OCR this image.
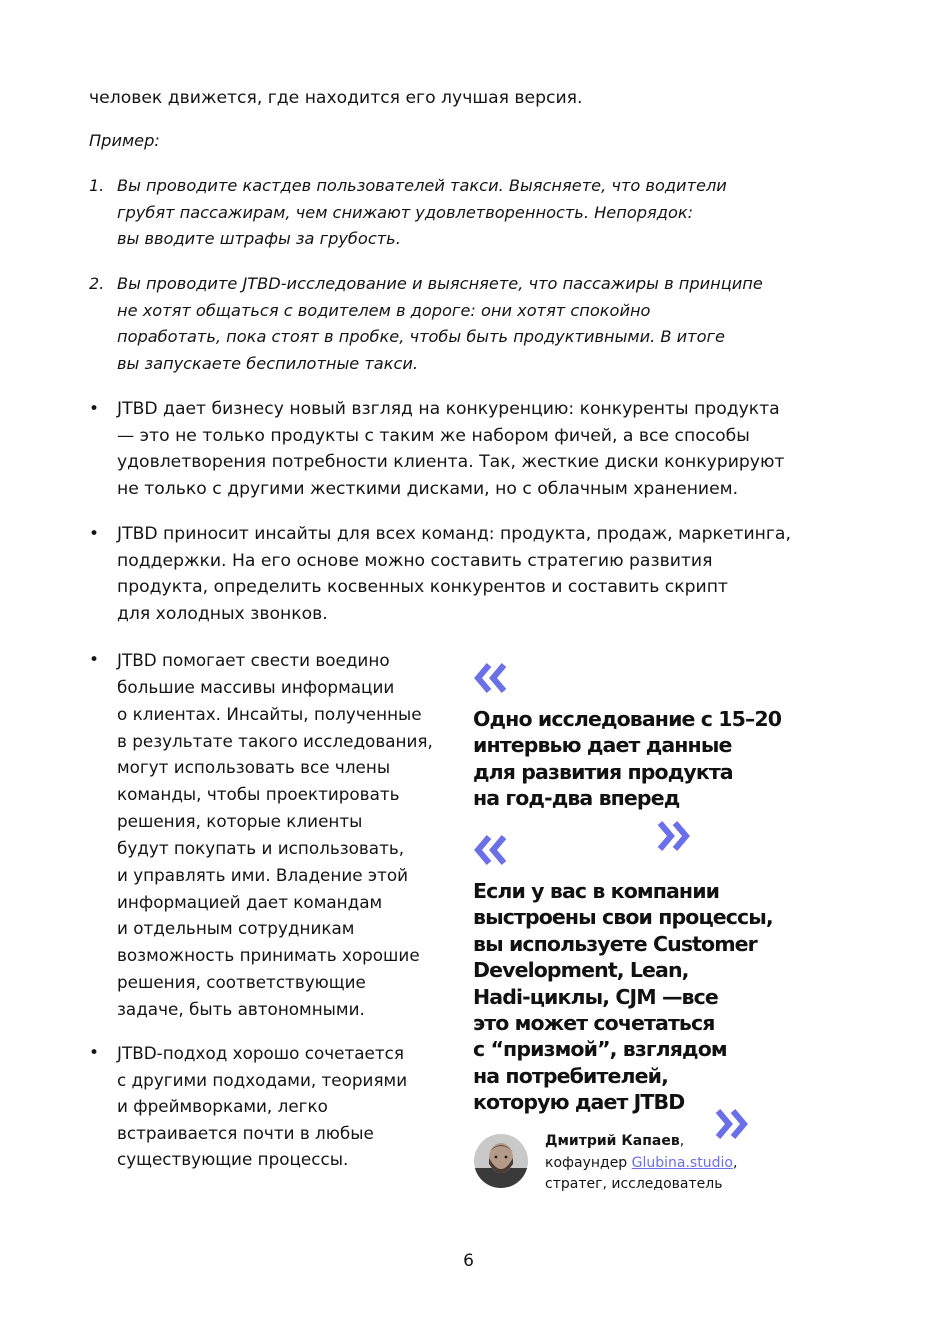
человек движется, где находится его лучшая версия.
Пример:
1. Вы проводите кастдев пользователей такси. Выясняете, что водители
грубят пассажирам, чем снижают удовлетворенность. Непорядок:
вы вводите штрафы за грубость.
2. Вы проводите JTBD-исследование и выясняете, что пассажиры в принципе
не хотят общаться с водителем в дороге: они хотят спокойно
поработать, пока стоят в пробке, чтобы быть продуктивными. В итоге
вы запускаете беспилотные такси.
• JTBD дает бизнесу новый взгляд на конкуренцию: конкуренты продукта
— это не только продукты с таким же набором фичей, а все способы
удовлетворения потребности клиента. Так, жесткие диски конкурируют
не только с другими жесткими дисками, но с облачным хранением.
• JTBD приносит инсайты для всех команд: продукта, продаж, маркетинга,
поддержки. На его основе можно составить стратегию развития
продукта, определить косвенных конкурентов и составить скрипт
для холодных звонков.
• JTBD помогает свести воедино
большие массивы информации
о клиентах. Инсайты, полученные
в результате такого исследования,
могут использовать все члены
команды, чтобы проектировать
решения, которые клиенты
будут покупать и использовать,
и управлять ими. Владение этой
информацией дает командам
и отдельным сотрудникам
возможность принимать хорошие
решения, соответствующие
задаче, быть автономными.
• JTBD-подход хорошо сочетается
с другими подходами, теориями
и фреймворками, легко
встраивается почти в любые
существующие процессы.
Одно исследование с 15–20
интервью дает данные
для развития продукта
на год-два вперед
Если у вас в компании
выстроены свои процессы,
вы используете Customer
Development, Lean,
Hadi-циклы, CJM —все
это может сочетаться
с “призмой”, взглядом
на потребителей,
которую дает JTBD
Дмитрий Капаев,
кофаундер Glubina.studio,
стратег, исследователь
6
